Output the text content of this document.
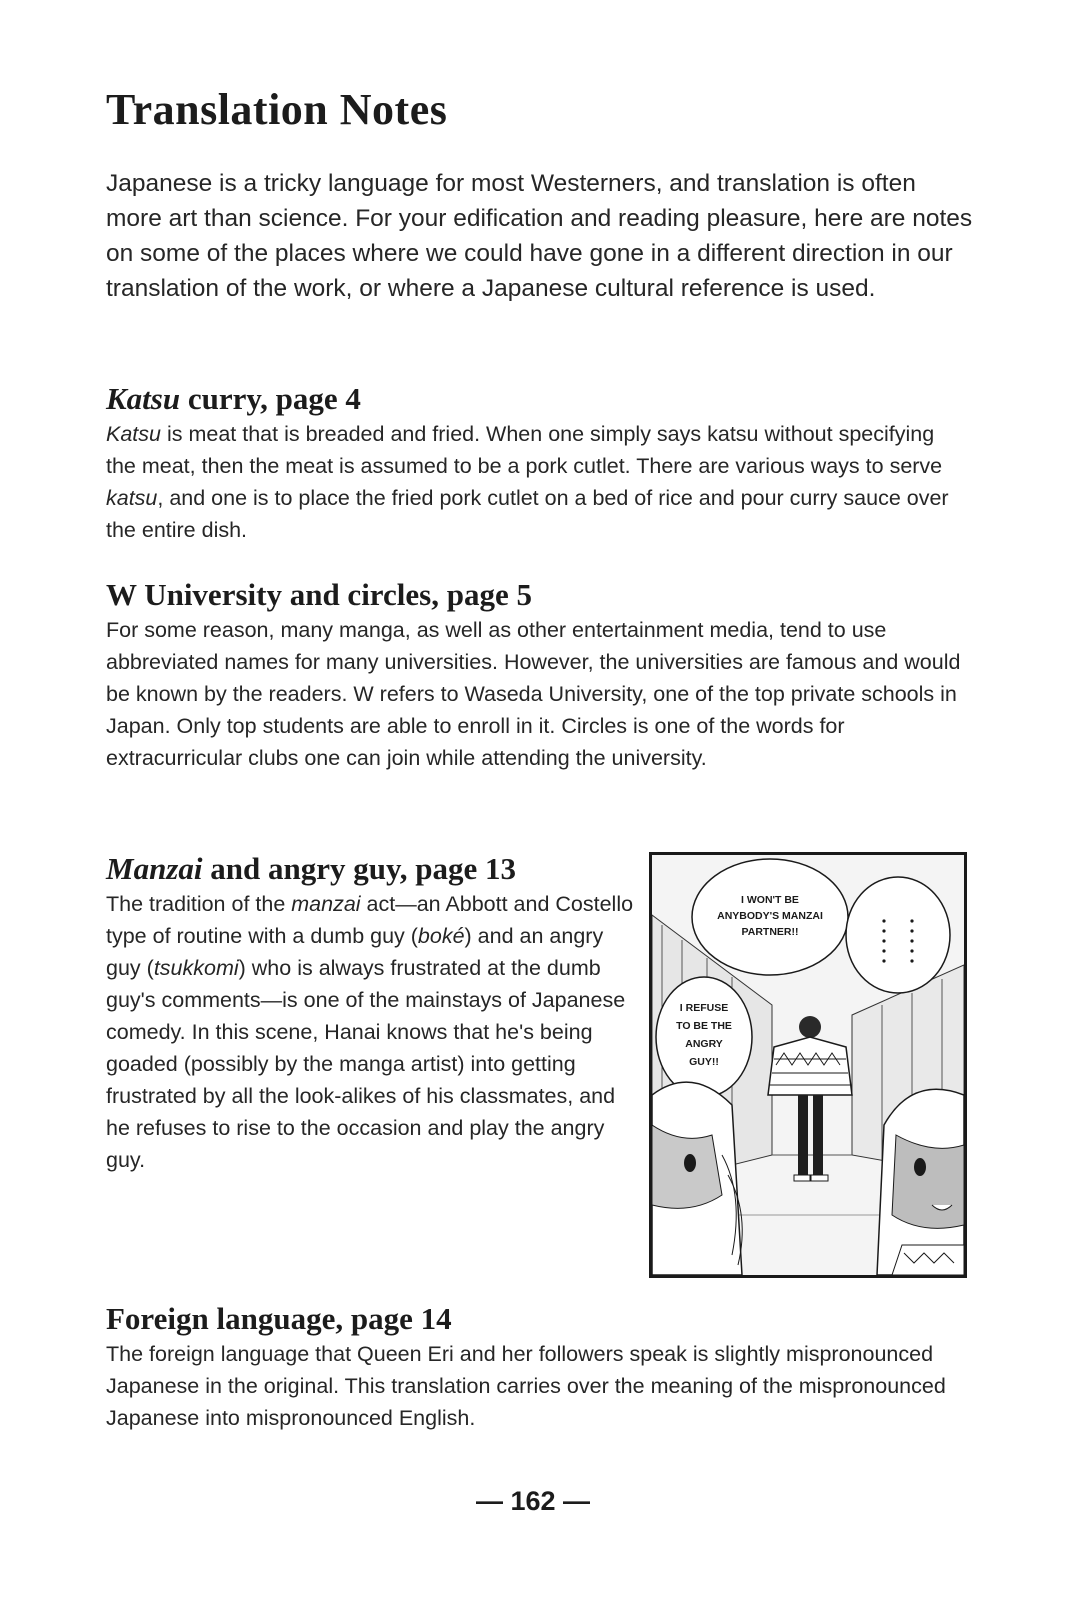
Translation Notes

Japanese is a tricky language for most Westerners, and translation is often more art than science. For your edification and reading pleasure, here are notes on some of the places where we could have gone in a different direction in our translation of the work, or where a Japanese cultural reference is used.

Katsu curry, page 4

Katsu is meat that is breaded and fried. When one simply says katsu without specifying the meat, then the meat is assumed to be a pork cutlet. There are various ways to serve katsu, and one is to place the fried pork cutlet on a bed of rice and pour curry sauce over the entire dish.

W University and circles, page 5

For some reason, many manga, as well as other entertainment media, tend to use abbreviated names for many universities. However, the universities are famous and would be known by the readers. W refers to Waseda University, one of the top private schools in Japan. Only top students are able to enroll in it. Circles is one of the words for extracurricular clubs one can join while attending the university.

Manzai and angry guy, page 13

The tradition of the manzai act—an Abbott and Costello type of routine with a dumb guy (boké) and an angry guy (tsukkomi) who is always frustrated at the dumb guy's comments—is one of the mainstays of Japanese comedy. In this scene, Hanai knows that he's being goaded (possibly by the manga artist) into getting frustrated by all the look-alikes of his classmates, and he refuses to rise to the occasion and play the angry guy.

I WON'T BE
ANYBODY'S MANZAI
PARTNER!!
I REFUSE
TO BE THE
ANGRY
GUY!!
Foreign language, page 14

The foreign language that Queen Eri and her followers speak is slightly mispronounced Japanese in the original. This translation carries over the meaning of the mispronounced Japanese into mispronounced English.

— 162 —
